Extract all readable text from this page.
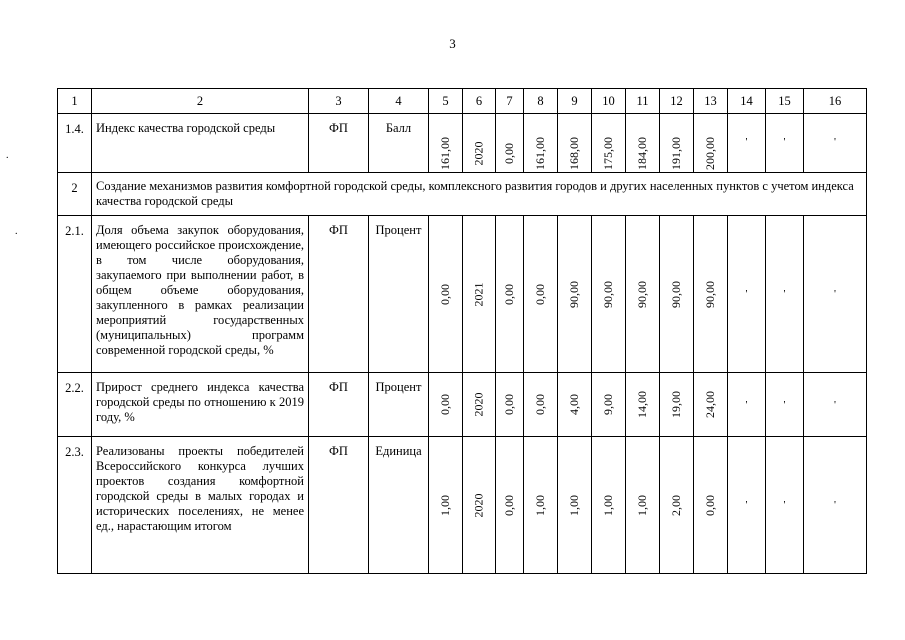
3
.
.
1	2	3	4	5	6	7	8	9	10	11	12	13	14	15	16
1.4.	Индекс качества городской среды	ФП	Балл	161,00	2020	0,00	161,00	168,00	175,00	184,00	191,00	200,00	'	'	'
2	Создание механизмов развития комфортной городской среды, комплексного развития городов и других населенных пунктов с учетом индекса качества городской среды														
2.1.	Доля объема закупок оборудования, имеющего российское происхождение, в том числе оборудования, закупаемого при выполнении работ, в общем объеме оборудования, закупленного в рамках реализации мероприятий государственных (муниципальных) программ современной городской среды, %	ФП	Процент	0,00	2021	0,00	0,00	90,00	90,00	90,00	90,00	90,00	'	'	'
2.2.	Прирост среднего индекса качества городской среды по отношению к 2019 году, %	ФП	Процент	0,00	2020	0,00	0,00	4,00	9,00	14,00	19,00	24,00	'	'	'
2.3.	Реализованы проекты победителей Всероссийского конкурса лучших проектов создания комфортной городской среды в малых городах и исторических поселениях, не менее ед., нарастающим итогом	ФП	Единица	1,00	2020	0,00	1,00	1,00	1,00	1,00	2,00	0,00	'	'	'
